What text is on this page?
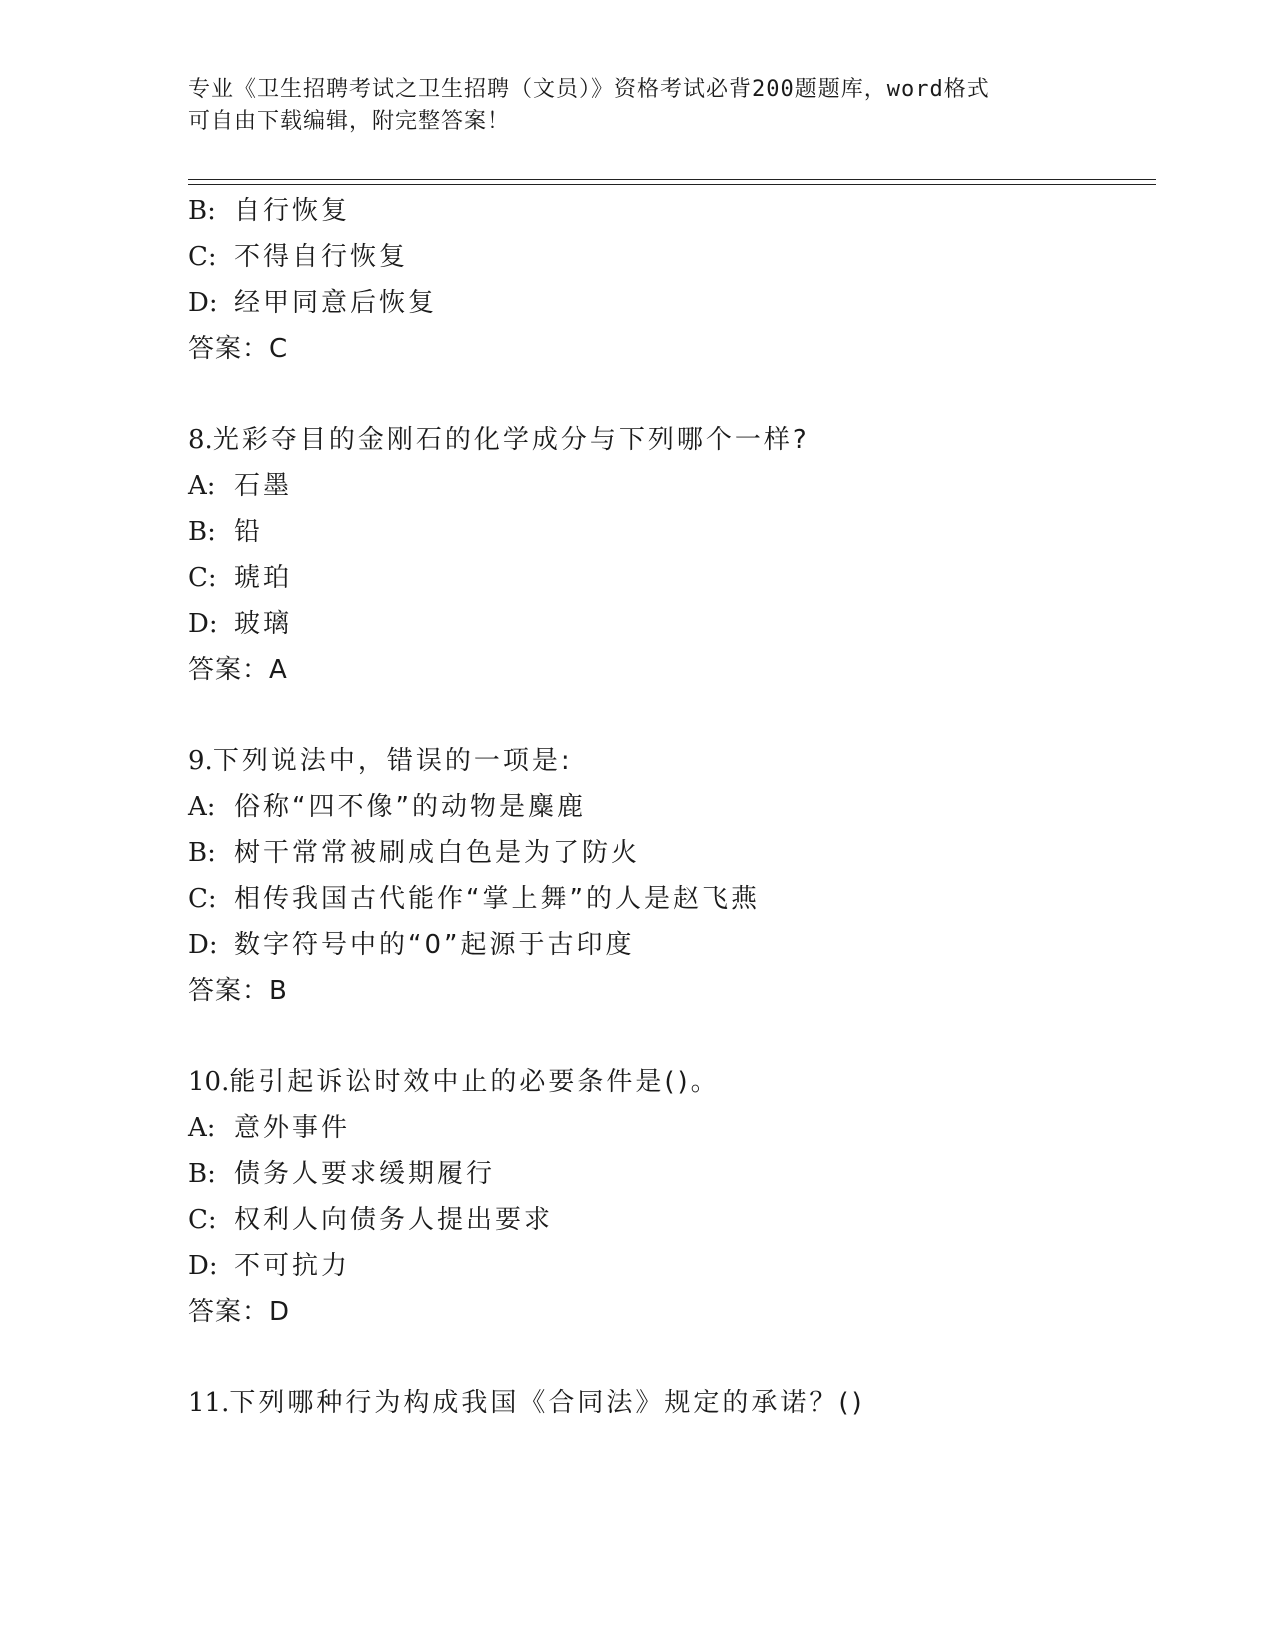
专业《卫生招聘考试之卫生招聘（文员）》资格考试必背200题题库，word格式
可自由下载编辑，附完整答案！
B: 自行恢复
C: 不得自行恢复
D: 经甲同意后恢复
答案：C
8.光彩夺目的金刚石的化学成分与下列哪个一样?
A: 石墨
B: 铅
C: 琥珀
D: 玻璃
答案：A
9.下列说法中，错误的一项是:
A: 俗称“四不像”的动物是麋鹿
B: 树干常常被刷成白色是为了防火
C: 相传我国古代能作“掌上舞”的人是赵飞燕
D: 数字符号中的“0”起源于古印度
答案：B
10.能引起诉讼时效中止的必要条件是()。
A: 意外事件
B: 债务人要求缓期履行
C: 权利人向债务人提出要求
D: 不可抗力
答案：D
11.下列哪种行为构成我国《合同法》规定的承诺？()
